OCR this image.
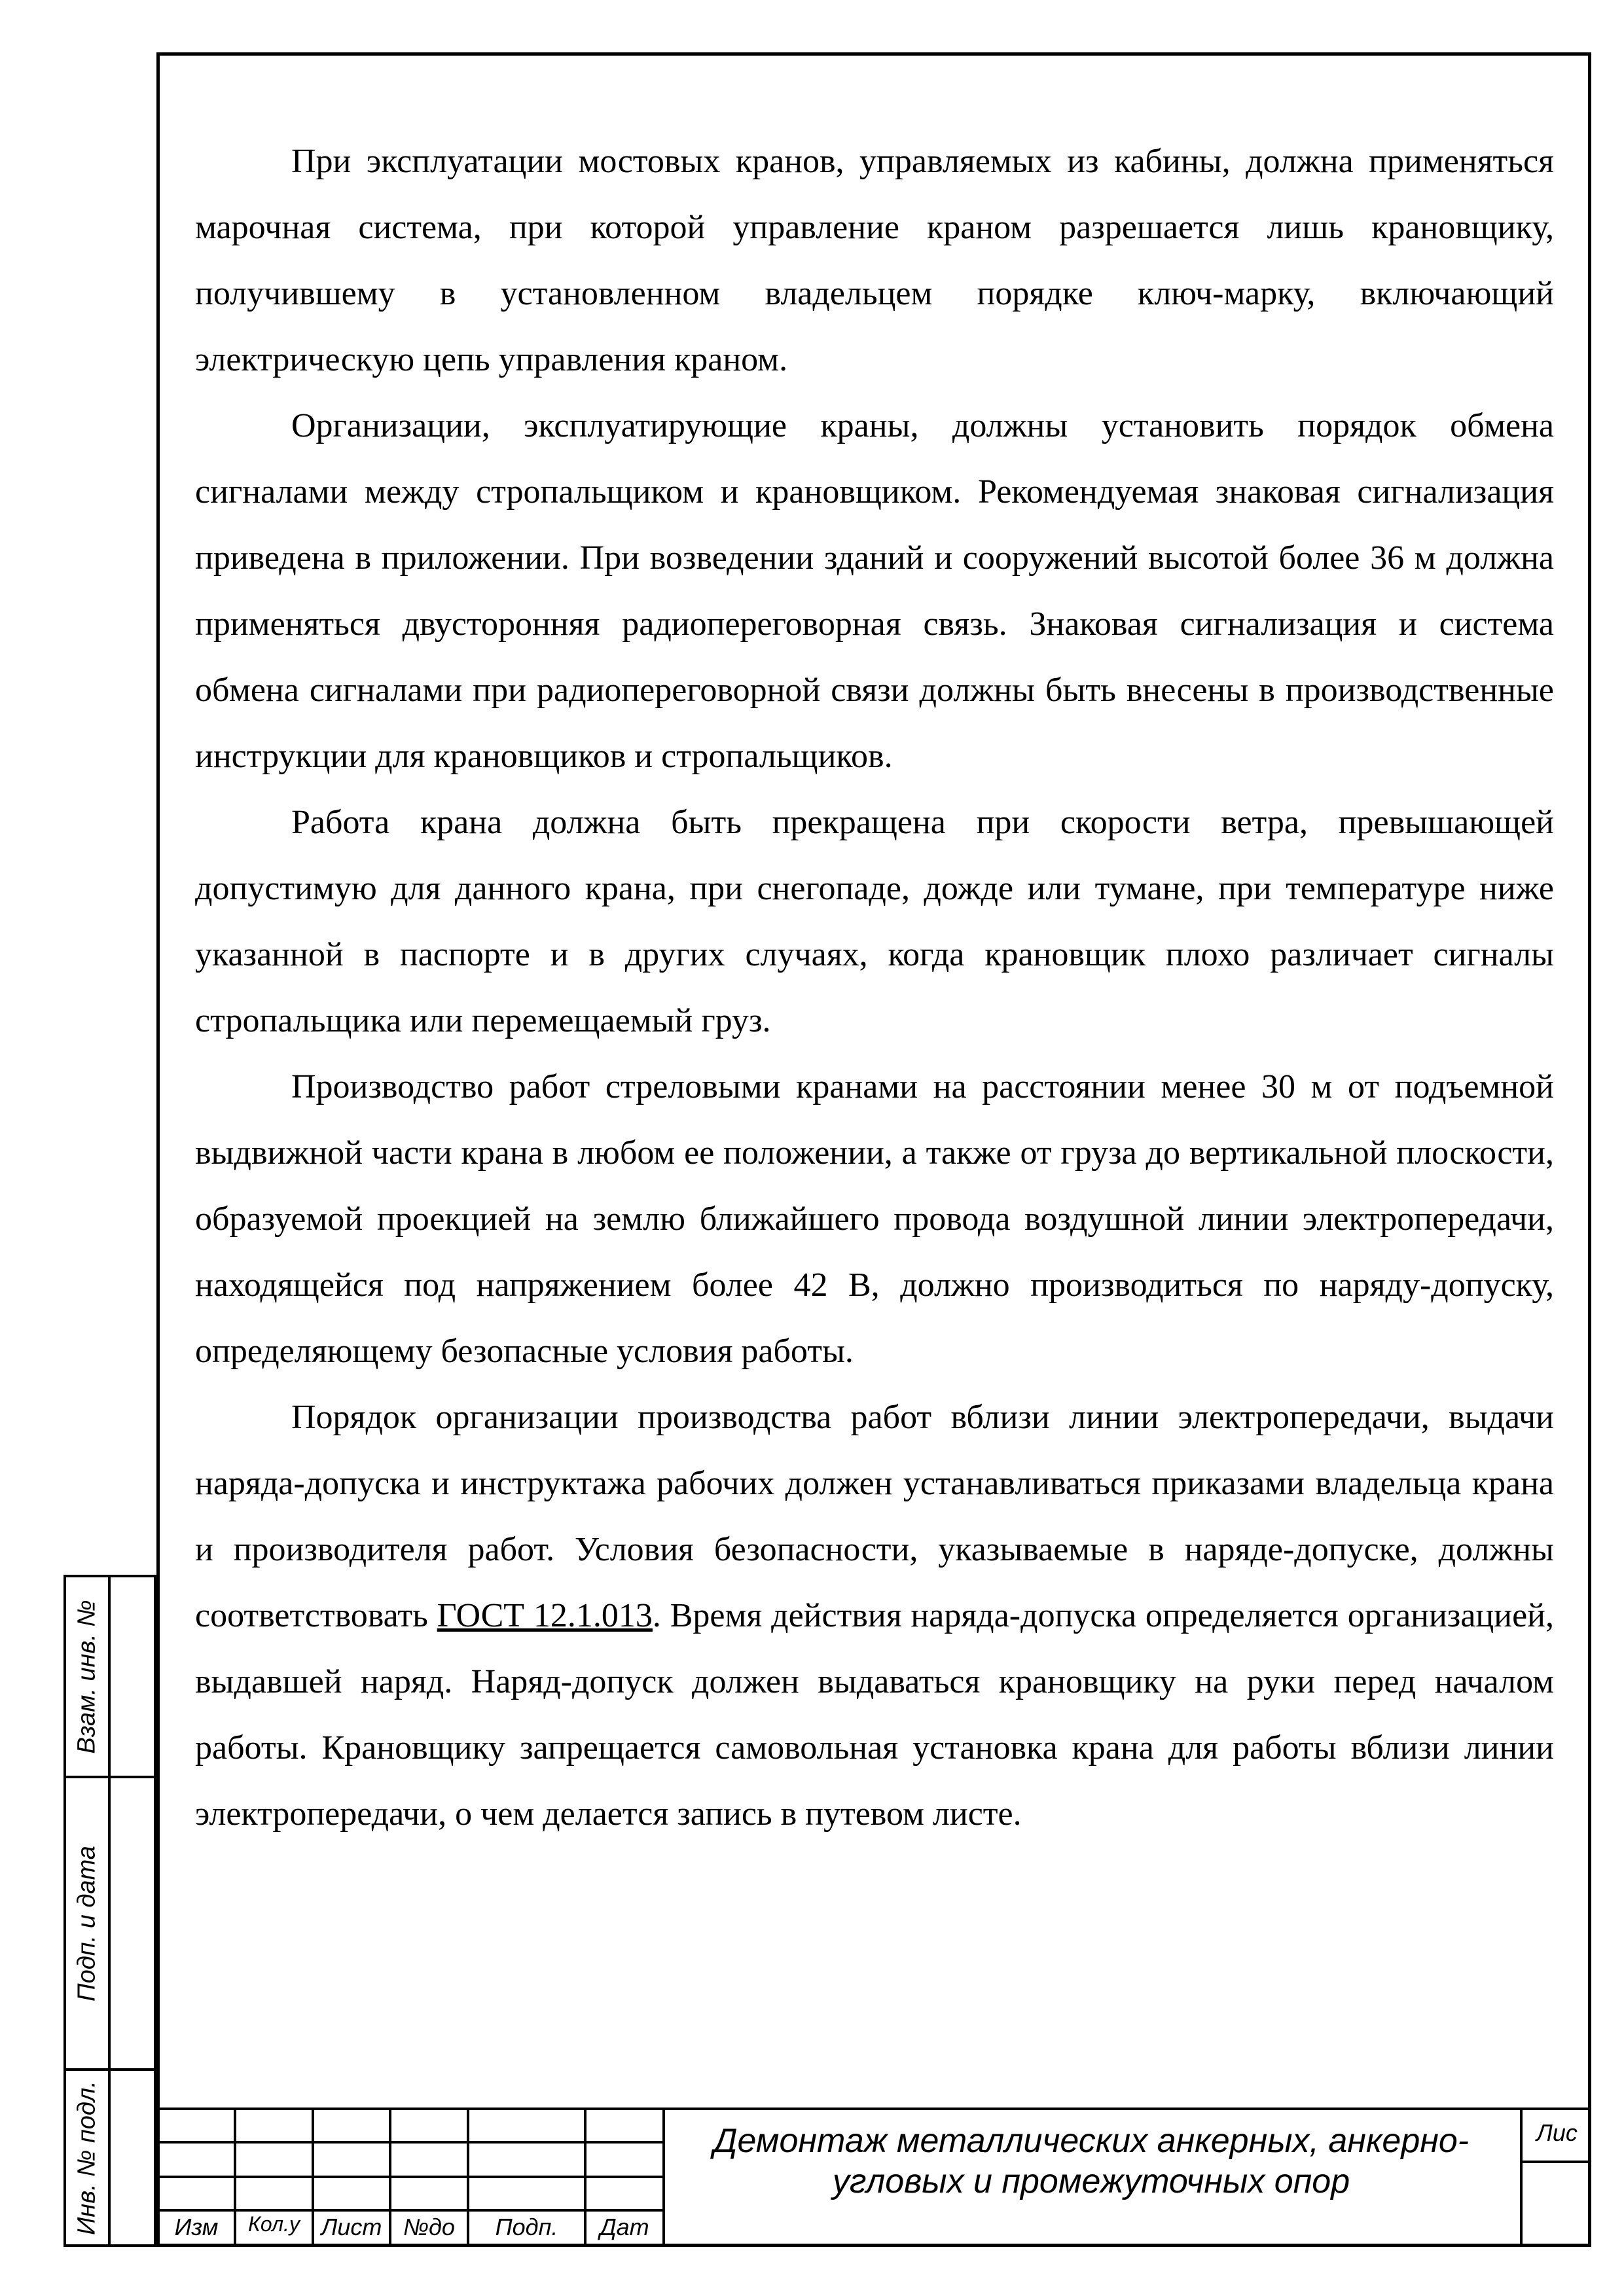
При эксплуатации мостовых кранов, управляемых из кабины, должна применяться марочная система, при которой управление краном разрешается лишь крановщику, получившему в установленном владельцем порядке ключ-марку, включающий электрическую цепь управления краном.

Организации, эксплуатирующие краны, должны установить порядок обмена сигналами между стропальщиком и крановщиком. Рекомендуемая знаковая сигнализация приведена в приложении. При возведении зданий и сооружений высотой более 36 м должна применяться двусторонняя радиопереговорная связь. Знаковая сигнализация и система обмена сигналами при радиопереговорной связи должны быть внесены в производственные инструкции для крановщиков и стропальщиков.

Работа крана должна быть прекращена при скорости ветра, превышающей допустимую для данного крана, при снегопаде, дожде или тумане, при температуре ниже указанной в паспорте и в других случаях, когда крановщик плохо различает сигналы стропальщика или перемещаемый груз.

Производство работ стреловыми кранами на расстоянии менее 30 м от подъемной выдвижной части крана в любом ее положении, а также от груза до вертикальной плоскости, образуемой проекцией на землю ближайшего провода воздушной линии электропередачи, находящейся под напряжением более 42 В, должно производиться по наряду-допуску, определяющему безопасные условия работы.

Порядок организации производства работ вблизи линии электропередачи, выдачи наряда-допуска и инструктажа рабочих должен устанавливаться приказами владельца крана и производителя работ. Условия безопасности, указываемые в наряде-допуске, должны соответствовать ГОСТ 12.1.013. Время действия наряда-допуска определяется организацией, выдавшей наряд. Наряд-допуск должен выдаваться крановщику на руки перед началом работы. Крановщику запрещается самовольная установка крана для работы вблизи линии электропередачи, о чем делается запись в путевом листе.

Взам. инв. №
Подп. и дата
Инв. № подл.	Изм	Кол.у Лист №до	Подп.	Дат
Лис
Демонтаж металлических анкерных, анкерно-угловых и промежуточных опор
